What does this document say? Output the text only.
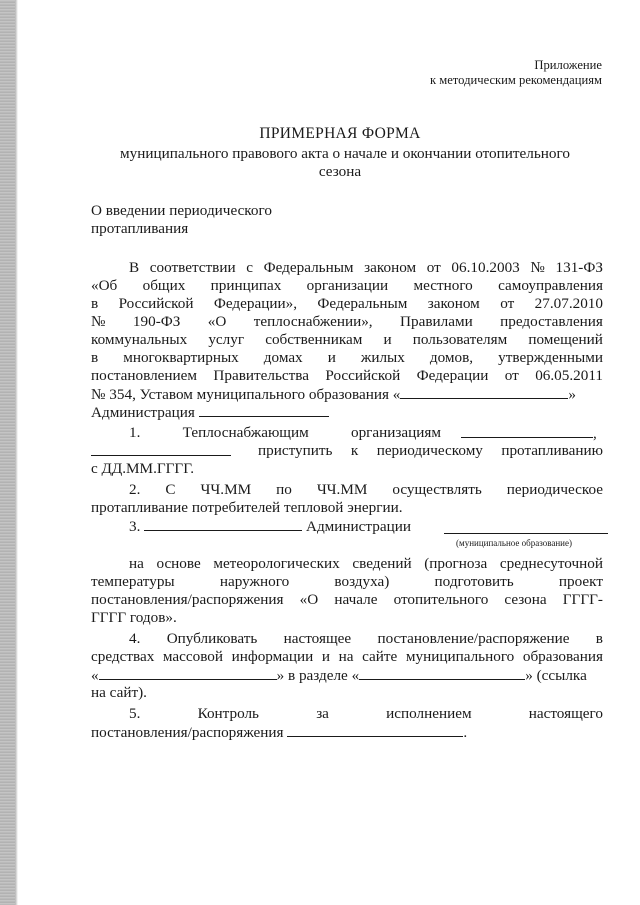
Приложение
к методическим рекомендациям
ПРИМЕРНАЯ ФОРМА
муниципального правового акта о начале и окончании отопительного
сезона
О введении периодического
протапливания
В соответствии с Федеральным законом от 06.10.2003 № 131-ФЗ
«Об общих принципах организации местного самоуправления
в Российской Федерации», Федеральным законом от 27.07.2010
№ 190-ФЗ «О теплоснабжении», Правилами предоставления
коммунальных услуг собственникам и пользователям помещений
в многоквартирных домах и жилых домов, утвержденными
постановлением Правительства Российской Федерации от 06.05.2011
№ 354, Уставом муниципального образования «	»
Администрация
1.	Теплоснабжающим	организациям	,
приступить к периодическому протапливанию
с ДД.ММ.ГГГГ.
2. С ЧЧ.ММ по ЧЧ.ММ осуществлять периодическое
протапливание потребителей тепловой энергии.
3.	Администрации
(муниципальное образование)
на основе метеорологических сведений (прогноза среднесуточной
температуры	наружного	воздуха)	подготовить	проект
постановления/распоряжения «О начале отопительного сезона ГГГГ-
ГГГГ годов».
4. Опубликовать настоящее постановление/распоряжение в
средствах массовой информации и на сайте муниципального образования
«	» в разделе «	» (ссылка
на сайт).
5.	Контроль	за	исполнением	настоящего
постановления/распоряжения	.
